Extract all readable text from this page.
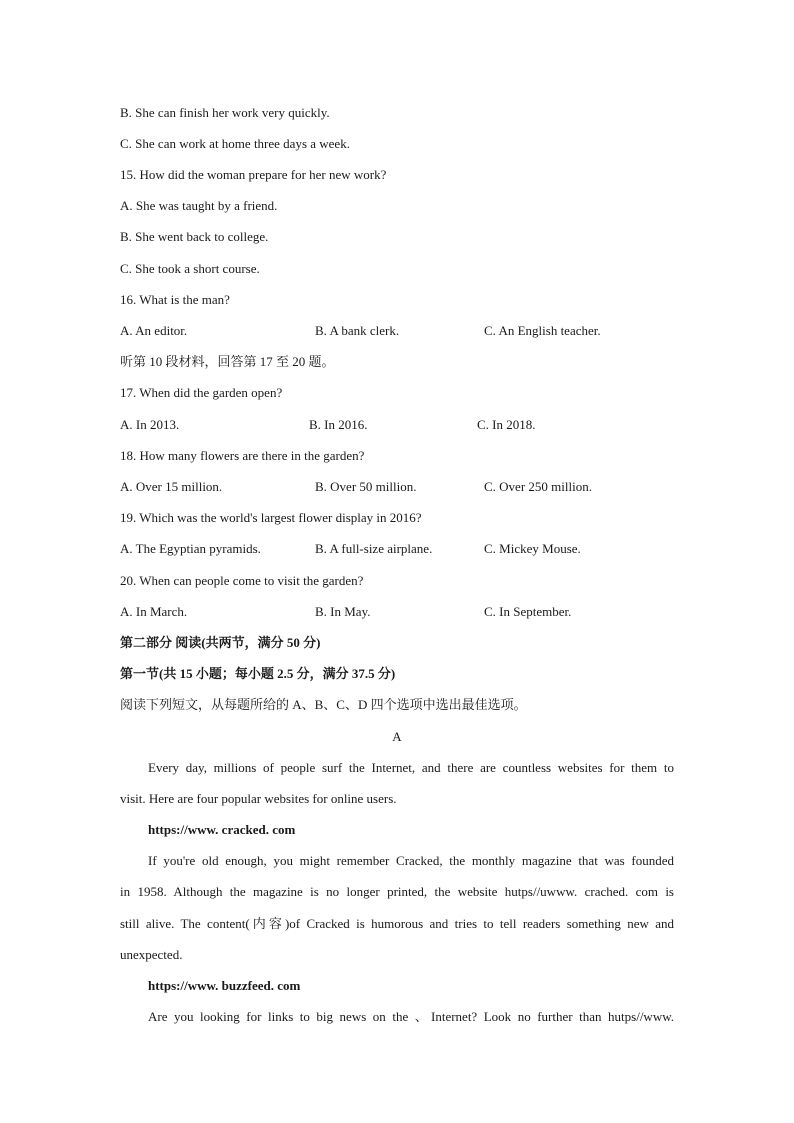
B. She can finish her work very quickly.
C. She can work at home three days a week.
15. How did the woman prepare for her new work?
A. She was taught by a friend.
B. She went back to college.
C. She took a short course.
16. What is the man?
A. An editor.	B. A bank clerk.	C. An English teacher.
听第 10 段材料，回答第 17 至 20 题。
17. When did the garden open?
A. In 2013.	B. In 2016.	C. In 2018.
18. How many flowers are there in the garden?
A. Over 15 million.	B. Over 50 million.	C. Over 250 million.
19. Which was the world's largest flower display in 2016?
A. The Egyptian pyramids.	B. A full-size airplane.	C. Mickey Mouse.
20. When can people come to visit the garden?
A. In March.	B. In May.	C. In September.
第二部分 阅读(共两节，满分 50 分)
第一节(共 15 小题；每小题 2.5 分，满分 37.5 分)
阅读下列短文，从每题所给的 A、B、C、D 四个选项中选出最佳选项。
A
Every day, millions of people surf the Internet, and there are countless websites for them to
visit. Here are four popular websites for online users.
https://www. cracked. com
If you're old enough, you might remember Cracked, the monthly magazine that was founded
in 1958. Although the magazine is no longer printed, the website hutps//uwww. crached. com is
still alive. The content(内容)of Cracked is humorous and tries to tell readers something new and
unexpected.
https://www. buzzfeed. com
Are you looking for links to big news on the 、Internet? Look no further than hutps//www.
